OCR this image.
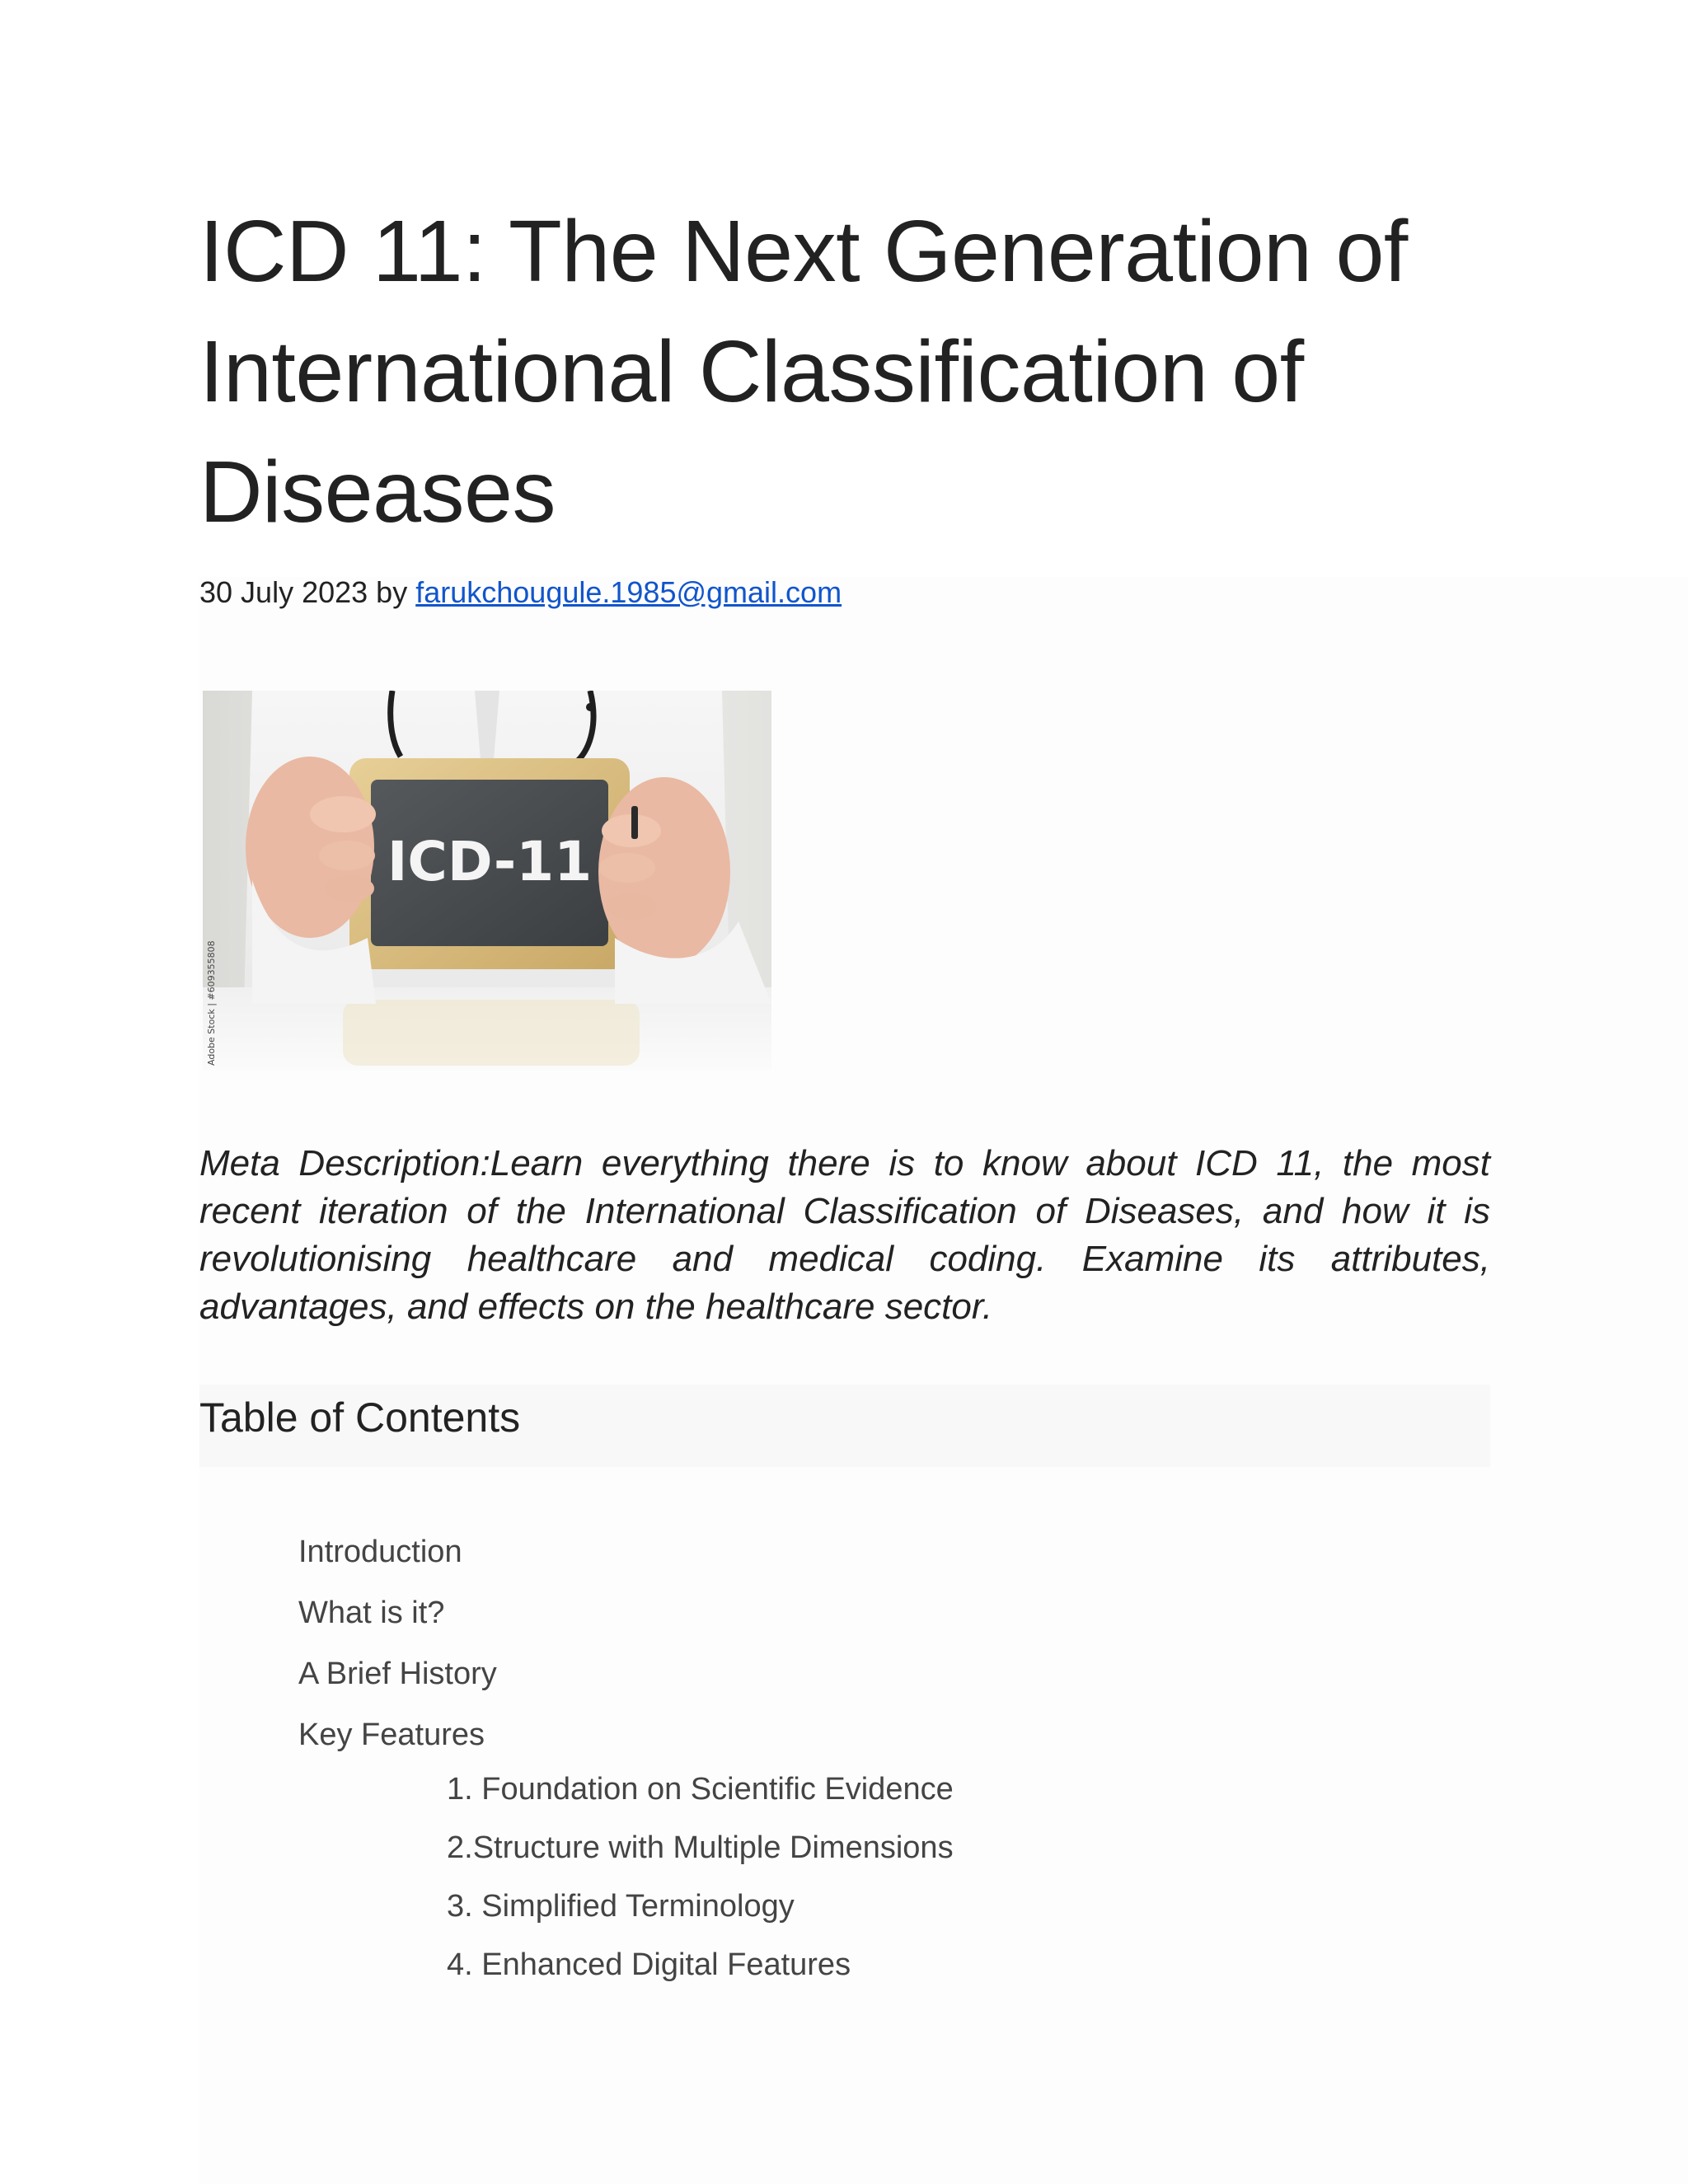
ICD 11: The Next Generation of International Classification of Diseases
30 July 2023 by farukchougule.1985@gmail.com
ICD-11
Adobe Stock | #609355808

Meta Description:Learn everything there is to know about ICD 11, the most recent iteration of the International Classification of Diseases, and how it is revolutionising healthcare and medical coding. Examine its attributes, advantages, and effects on the healthcare sector.

Table of Contents
Introduction
What is it?
A Brief History
Key Features
1. Foundation on Scientific Evidence
2.Structure with Multiple Dimensions
3. Simplified Terminology
4. Enhanced Digital Features
